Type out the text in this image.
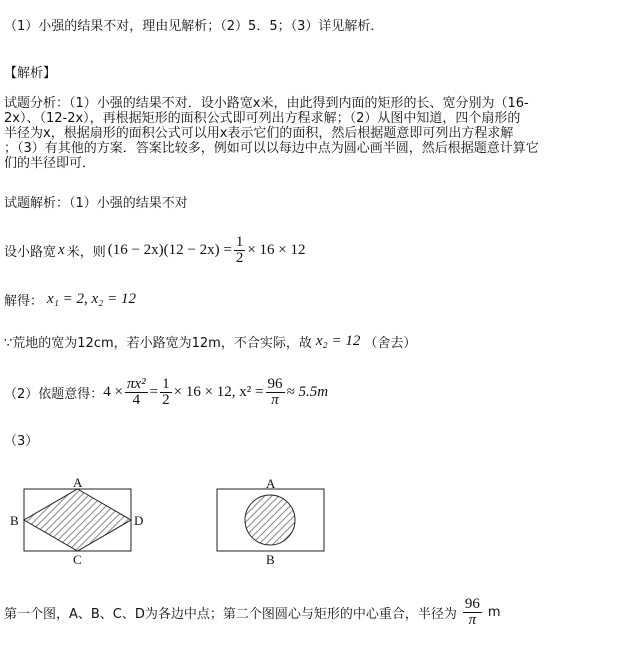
（1）小强的结果不对，理由见解析；（2）5．5；（3）详见解析．
【解析】
试题分析：（1）小强的结果不对．设小路宽x米，由此得到内面的矩形的长、宽分别为（16-
2x）、（12-2x），再根据矩形的面积公式即可列出方程求解；（2）从图中知道，四个扇形的
半径为x，根据扇形的面积公式可以用x表示它们的面积，然后根据题意即可列出方程求解
；（3）有其他的方案．答案比较多，例如可以以每边中点为圆心画半圆，然后根据题意计算它
们的半径即可．
试题解析：（1）小强的结果不对
设小路宽 x 米，则 $(16 - 2x)(12 - 2x) = \frac{1}{2} \times 16 \times 12$
解得： x₁ = 2, x₂ = 12
∵荒地的宽为12cm，若小路宽为12m，不合实际，故 x₂ = 12 （舍去）
（2）依题意得： $4 \times \frac{\text{πx²}}{4} = \frac{1}{2} \times 16 \times 12$, $x^2 = \frac{96}{\pi} \approx 5.5m$
（3）
A
B
C
D
A
B
第一个图，A、B、C、D为各边中点；第二个图圆心与矩形的中心重合，半径为 $\frac{96}{\pi}$ m
